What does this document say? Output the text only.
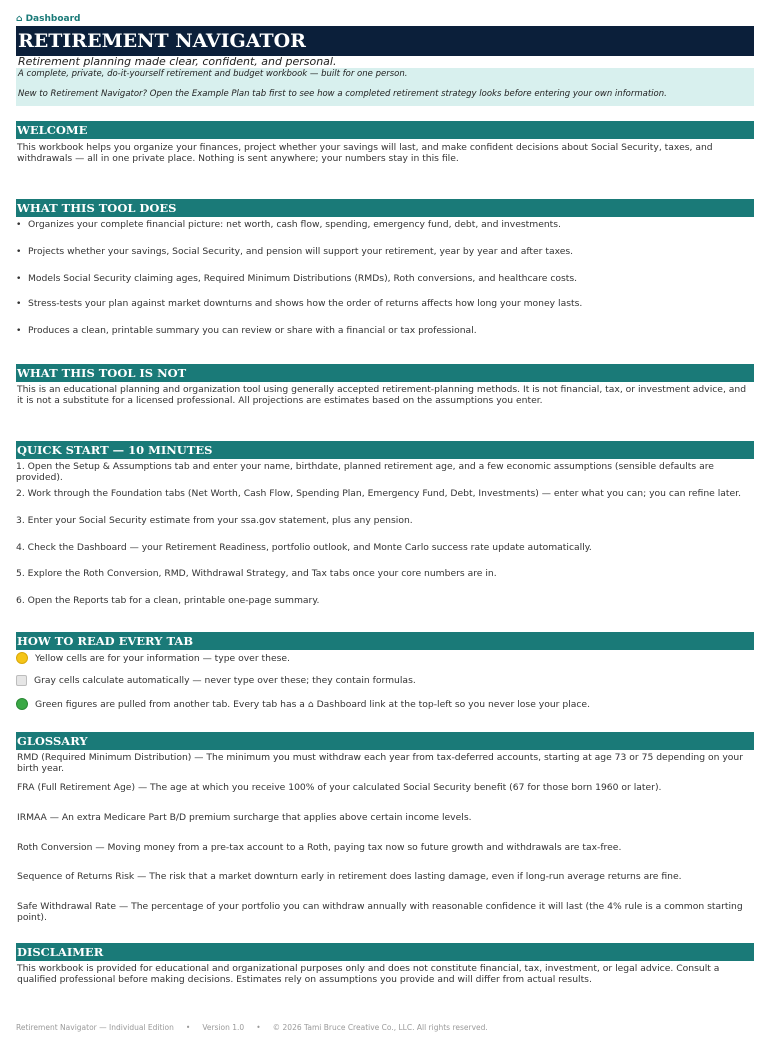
⌂ Dashboard
RETIREMENT NAVIGATOR
Retirement planning made clear, confident, and personal.
A complete, private, do-it-yourself retirement and budget workbook — built for one person.
New to Retirement Navigator? Open the Example Plan tab first to see how a completed retirement strategy looks before entering your own information.
WELCOME
This workbook helps you organize your finances, project whether your savings will last, and make confident decisions about Social Security, taxes, and withdrawals — all in one private place. Nothing is sent anywhere; your numbers stay in this file.
WHAT THIS TOOL DOES
• Organizes your complete financial picture: net worth, cash flow, spending, emergency fund, debt, and investments.
• Projects whether your savings, Social Security, and pension will support your retirement, year by year and after taxes.
• Models Social Security claiming ages, Required Minimum Distributions (RMDs), Roth conversions, and healthcare costs.
• Stress-tests your plan against market downturns and shows how the order of returns affects how long your money lasts.
• Produces a clean, printable summary you can review or share with a financial or tax professional.
WHAT THIS TOOL IS NOT
This is an educational planning and organization tool using generally accepted retirement-planning methods. It is not financial, tax, or investment advice, and it is not a substitute for a licensed professional. All projections are estimates based on the assumptions you enter.
QUICK START — 10 MINUTES
1. Open the Setup & Assumptions tab and enter your name, birthdate, planned retirement age, and a few economic assumptions (sensible defaults are provided).
2. Work through the Foundation tabs (Net Worth, Cash Flow, Spending Plan, Emergency Fund, Debt, Investments) — enter what you can; you can refine later.
3. Enter your Social Security estimate from your ssa.gov statement, plus any pension.
4. Check the Dashboard — your Retirement Readiness, portfolio outlook, and Monte Carlo success rate update automatically.
5. Explore the Roth Conversion, RMD, Withdrawal Strategy, and Tax tabs once your core numbers are in.
6. Open the Reports tab for a clean, printable one-page summary.
HOW TO READ EVERY TAB
Yellow cells are for your information — type over these.
Gray cells calculate automatically — never type over these; they contain formulas.
Green figures are pulled from another tab. Every tab has a ⌂ Dashboard link at the top-left so you never lose your place.
GLOSSARY
RMD (Required Minimum Distribution) — The minimum you must withdraw each year from tax-deferred accounts, starting at age 73 or 75 depending on your birth year.
FRA (Full Retirement Age) — The age at which you receive 100% of your calculated Social Security benefit (67 for those born 1960 or later).
IRMAA — An extra Medicare Part B/D premium surcharge that applies above certain income levels.
Roth Conversion — Moving money from a pre-tax account to a Roth, paying tax now so future growth and withdrawals are tax-free.
Sequence of Returns Risk — The risk that a market downturn early in retirement does lasting damage, even if long-run average returns are fine.
Safe Withdrawal Rate — The percentage of your portfolio you can withdraw annually with reasonable confidence it will last (the 4% rule is a common starting point).
DISCLAIMER
This workbook is provided for educational and organizational purposes only and does not constitute financial, tax, investment, or legal advice. Consult a qualified professional before making decisions. Estimates rely on assumptions you provide and will differ from actual results.
Retirement Navigator — Individual Edition • Version 1.0 • © 2026 Tami Bruce Creative Co., LLC. All rights reserved.
